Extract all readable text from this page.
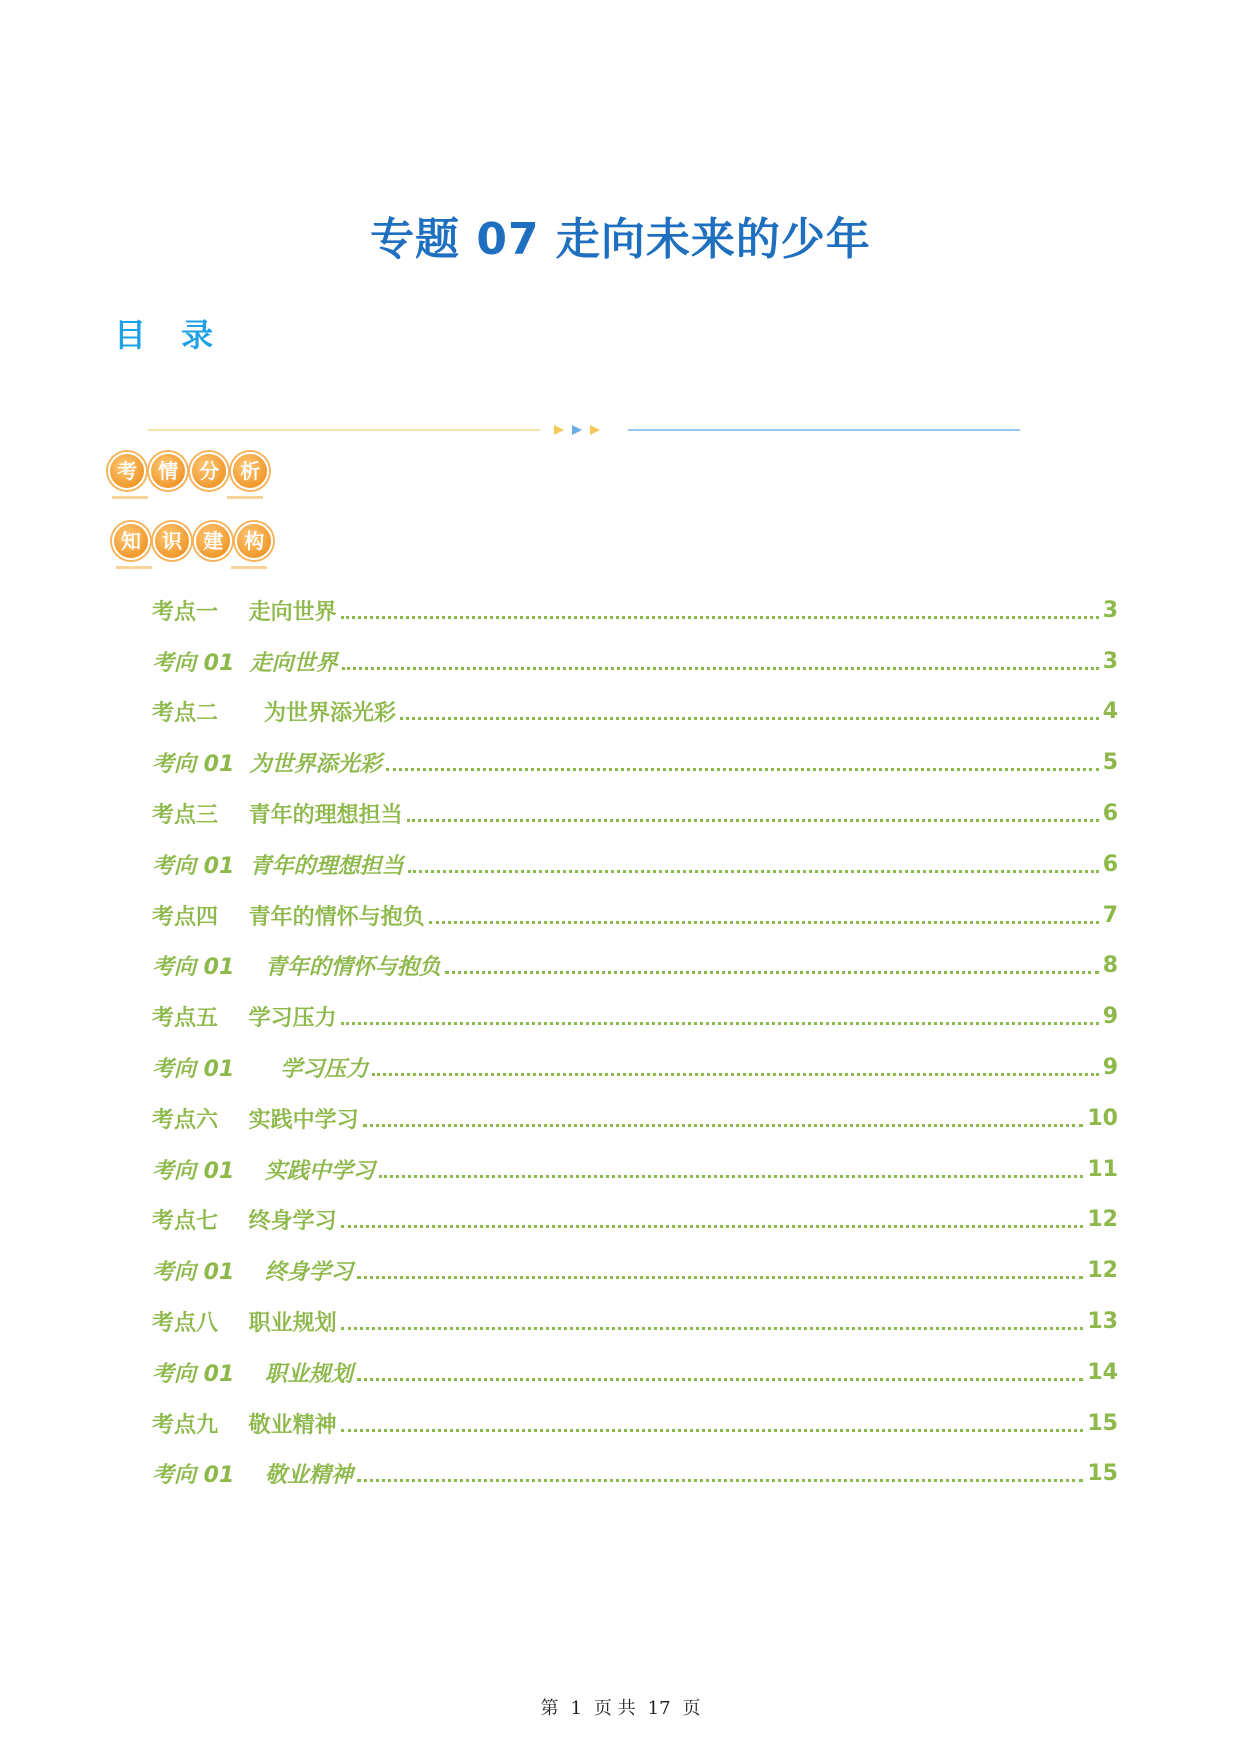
专题 07 走向未来的少年
目 录
考 情 分 析
知 识 建 构
考点一    走向世界	3
考向 01  走向世界	3
考点二      为世界添光彩	4
考向 01  为世界添光彩	5
考点三    青年的理想担当	6
考向 01  青年的理想担当	6
考点四    青年的情怀与抱负	7
考向 01    青年的情怀与抱负	8
考点五    学习压力	9
考向 01      学习压力	9
考点六    实践中学习	10
考向 01    实践中学习	11
考点七    终身学习	12
考向 01    终身学习	12
考点八    职业规划	13
考向 01    职业规划	14
考点九    敬业精神	15
考向 01    敬业精神	15
第 1 页 共 17 页
